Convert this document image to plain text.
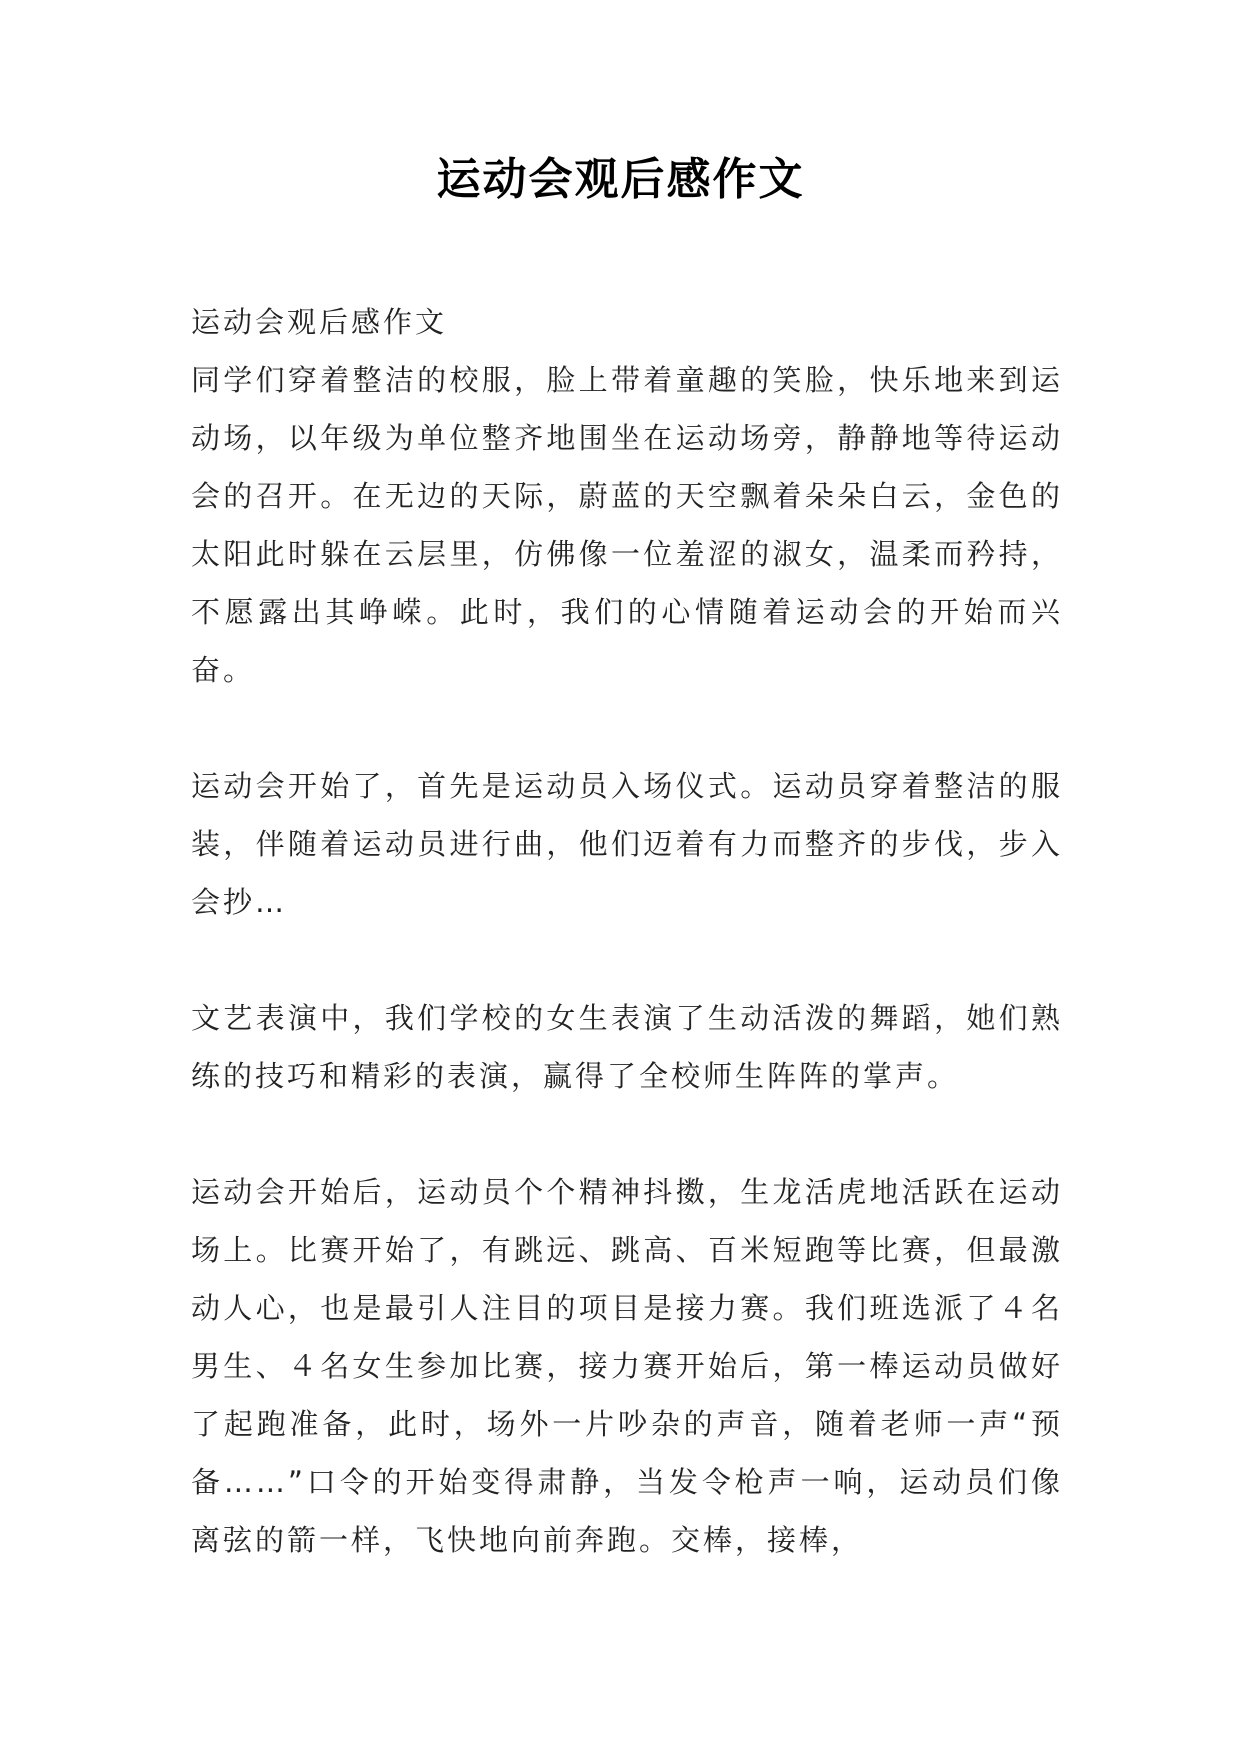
运动会观后感作文

运动会观后感作文

同学们穿着整洁的校服，脸上带着童趣的笑脸，快乐地来到运动场，以年级为单位整齐地围坐在运动场旁，静静地等待运动会的召开。在无边的天际，蔚蓝的天空飘着朵朵白云，金色的太阳此时躲在云层里，仿佛像一位羞涩的淑女，温柔而矜持，不愿露出其峥嵘。此时，我们的心情随着运动会的开始而兴奋。

运动会开始了，首先是运动员入场仪式。运动员穿着整洁的服装，伴随着运动员进行曲，他们迈着有力而整齐的步伐，步入会抄…

文艺表演中，我们学校的女生表演了生动活泼的舞蹈，她们熟练的技巧和精彩的表演，赢得了全校师生阵阵的掌声。

运动会开始后，运动员个个精神抖擞，生龙活虎地活跃在运动场上。比赛开始了，有跳远、跳高、百米短跑等比赛，但最激动人心，也是最引人注目的项目是接力赛。我们班选派了４名男生、４名女生参加比赛，接力赛开始后，第一棒运动员做好了起跑准备，此时，场外一片吵杂的声音，随着老师一声“预备……”口令的开始变得肃静，当发令枪声一响，运动员们像离弦的箭一样，飞快地向前奔跑。交棒，接棒，
